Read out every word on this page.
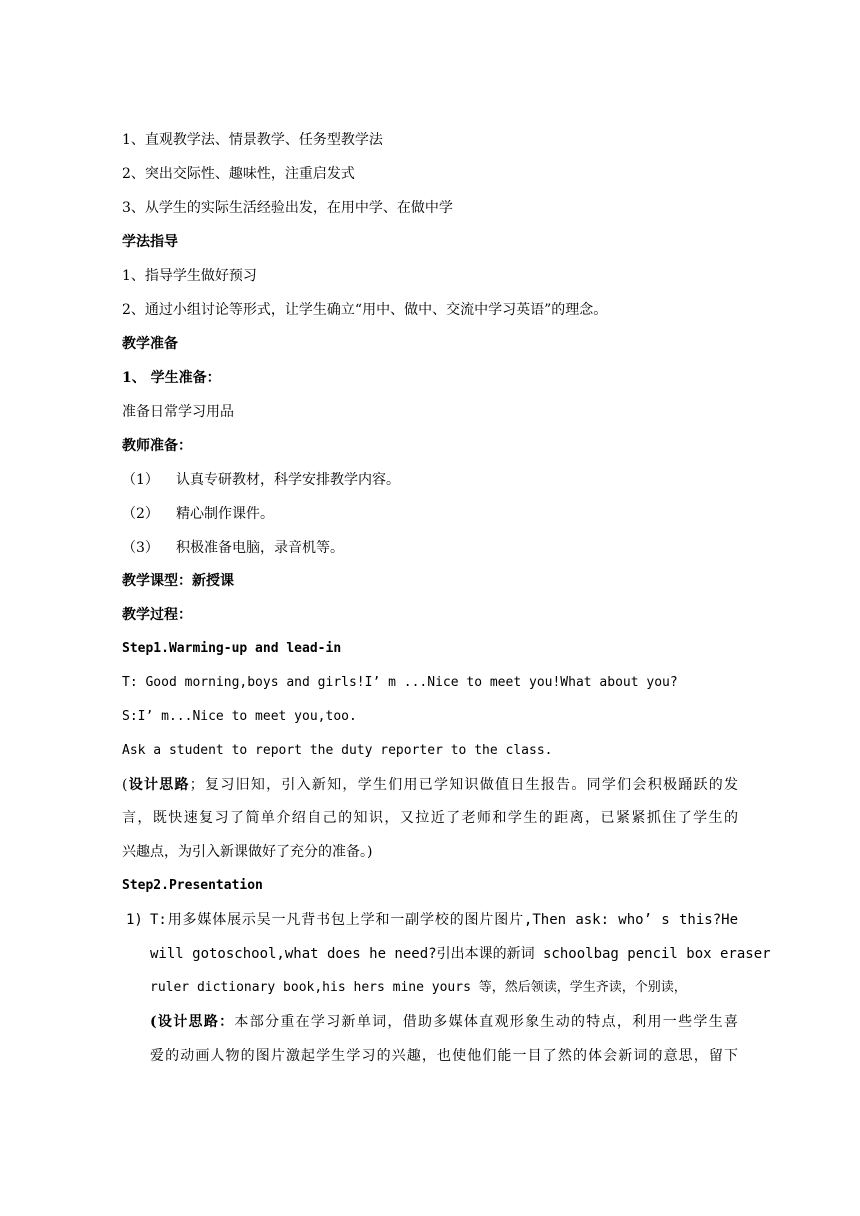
1、直观教学法、情景教学、任务型教学法
2、突出交际性、趣味性，注重启发式
3、从学生的实际生活经验出发，在用中学、在做中学
学法指导
1、指导学生做好预习
2、通过小组讨论等形式，让学生确立“用中、做中、交流中学习英语”的理念。
教学准备
1、 学生准备：
准备日常学习用品
教师准备：
（1） 认真专研教材，科学安排教学内容。
（2） 精心制作课件。
（3） 积极准备电脑，录音机等。
教学课型：新授课
教学过程：
Step1.Warming-up and lead-in
T: Good morning,boys and girls!I’ m ...Nice to meet you!What about you?
S:I’ m...Nice to meet you,too.
Ask a student to report the duty reporter to the class.
(设计思路；复习旧知，引入新知，学生们用已学知识做值日生报告。同学们会积极踊跃的发
言，既快速复习了简单介绍自己的知识，又拉近了老师和学生的距离，已紧紧抓住了学生的
兴趣点，为引入新课做好了充分的准备。)
Step2.Presentation
1) T:用多媒体展示吴一凡背书包上学和一副学校的图片图片,Then ask: who’ s this?He
will gotoschool,what does he need?引出本课的新词 schoolbag pencil box eraser
ruler dictionary book,his hers mine yours 等，然后领读，学生齐读，个别读，
(设计思路：本部分重在学习新单词，借助多媒体直观形象生动的特点，利用一些学生喜
爱的动画人物的图片激起学生学习的兴趣，也使他们能一目了然的体会新词的意思，留下
